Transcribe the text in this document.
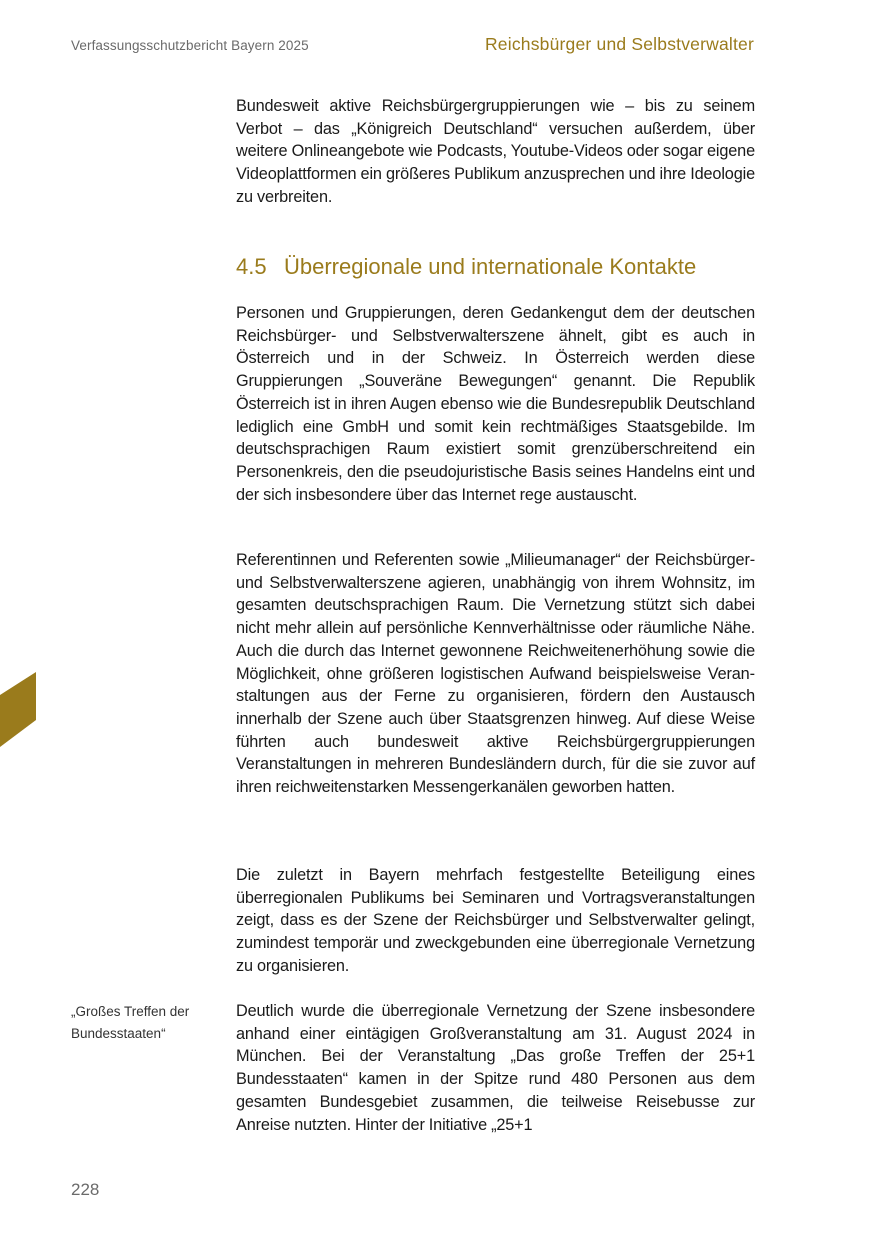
Verfassungsschutzbericht Bayern 2025	Reichsbürger und Selbstverwalter

Bundesweit aktive Reichsbürgergruppierungen wie – bis zu seinem Verbot – das „Königreich Deutschland“ versuchen außerdem, über weitere Onlineangebote wie Podcasts, Youtube-Videos oder sogar eigene Videoplattformen ein größeres Publikum anzusprechen und ihre Ideologie zu verbreiten.

4.5 Überregionale und internationale Kontakte

Personen und Gruppierungen, deren Gedankengut dem der deutschen Reichsbürger- und Selbstverwalterszene ähnelt, gibt es auch in Österreich und in der Schweiz. In Österreich werden diese Gruppierungen „Souveräne Bewegungen“ genannt. Die Republik Österreich ist in ihren Augen ebenso wie die Bundesrepublik Deutschland lediglich eine GmbH und somit kein rechtmäßiges Staatsgebilde. Im deutschsprachigen Raum existiert somit grenzüberschreitend ein Personenkreis, den die pseudojuristische Basis seines Handelns eint und der sich insbesondere über das Internet rege austauscht.

Referentinnen und Referenten sowie „Milieumanager“ der Reichsbürger- und Selbstverwalterszene agieren, unabhängig von ihrem Wohnsitz, im gesamten deutschsprachigen Raum. Die Vernetzung stützt sich dabei nicht mehr allein auf persönliche Kennverhältnisse oder räumliche Nähe. Auch die durch das Internet gewonnene Reichweitenerhöhung sowie die Möglichkeit, ohne größeren logistischen Aufwand beispielsweise Veranstaltungen aus der Ferne zu organisieren, fördern den Austausch innerhalb der Szene auch über Staatsgrenzen hinweg. Auf diese Weise führten auch bundesweit aktive Reichsbürgergruppierungen Veranstaltungen in mehreren Bundesländern durch, für die sie zuvor auf ihren reichweitenstarken Messengerkanälen geworben hatten.

Die zuletzt in Bayern mehrfach festgestellte Beteiligung eines überregionalen Publikums bei Seminaren und Vortragsveranstaltungen zeigt, dass es der Szene der Reichsbürger und Selbstverwalter gelingt, zumindest temporär und zweckgebunden eine überregionale Vernetzung zu organisieren.

„Großes Treffen der
Bundesstaaten“

Deutlich wurde die überregionale Vernetzung der Szene insbesondere anhand einer eintägigen Großveranstaltung am 31. August 2024 in München. Bei der Veranstaltung „Das große Treffen der 25+1 Bundesstaaten“ kamen in der Spitze rund 480 Personen aus dem gesamten Bundesgebiet zusammen, die teilweise Reisebusse zur Anreise nutzten. Hinter der Initiative „25+1

228
